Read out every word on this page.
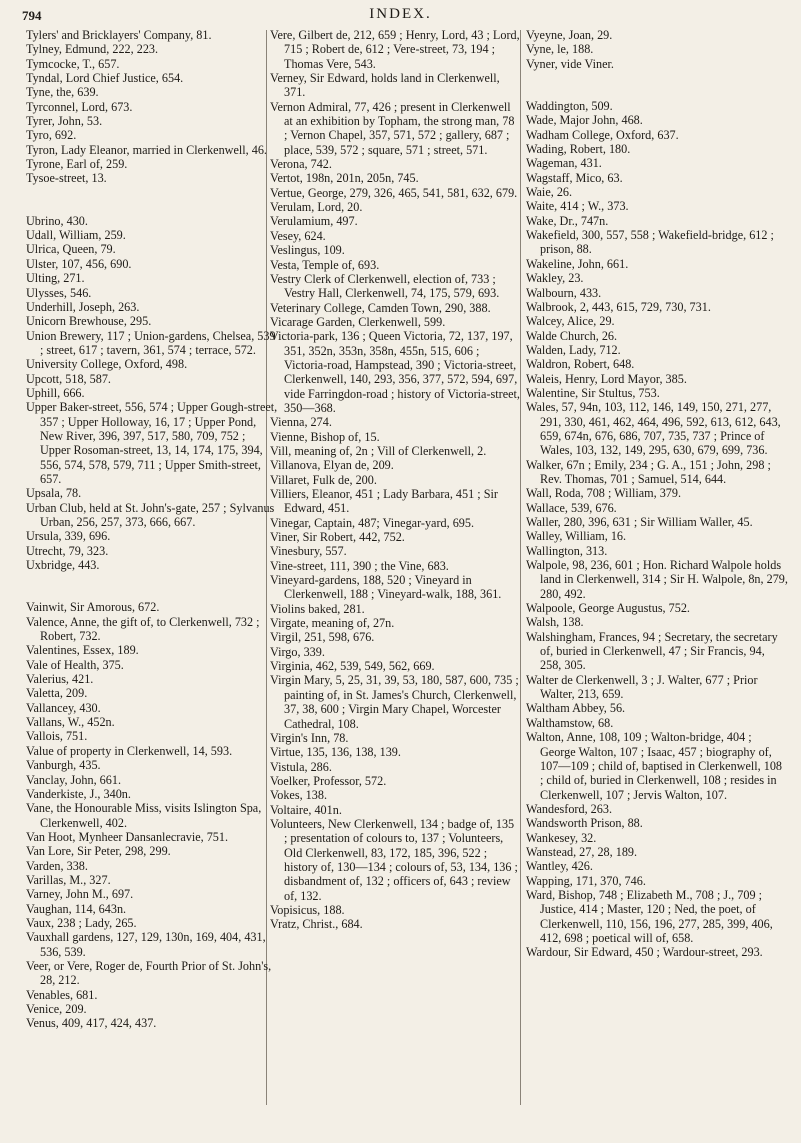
794	INDEX.
Tylers' and Bricklayers' Company, 81.
Tylney, Edmund, 222, 223.
Tymcocke, T., 657.
Tyndal, Lord Chief Justice, 654.
Tyne, the, 639.
Tyrconnel, Lord, 673.
Tyrer, John, 53.
Tyro, 692.
Tyron, Lady Eleanor, married in Clerkenwell, 46.
Tyrone, Earl of, 259.
Tysoe-street, 13.
Ubrino, 430.
Udall, William, 259.
Ulrica, Queen, 79.
Ulster, 107, 456, 690.
Ulting, 271.
Ulysses, 546.
Underhill, Joseph, 263.
Unicorn Brewhouse, 295.
Union Brewery, 117 ; Union-gardens, Chelsea, 539 ; street, 617 ; tavern, 361, 574 ; terrace, 572.
University College, Oxford, 498.
Upcott, 518, 587.
Uphill, 666.
Upper Baker-street, 556, 574 ; Upper Gough-street, 357 ; Upper Holloway, 16, 17 ; Upper Pond, New River, 396, 397, 517, 580, 709, 752 ; Upper Rosoman-street, 13, 14, 174, 175, 394, 556, 574, 578, 579, 711 ; Upper Smith-street, 657.
Upsala, 78.
Urban Club, held at St. John's-gate, 257 ; Sylvanus Urban, 256, 257, 373, 666, 667.
Ursula, 339, 696.
Utrecht, 79, 323.
Uxbridge, 443.
Vainwit, Sir Amorous, 672.
Valence, Anne, the gift of, to Clerkenwell, 732 ; Robert, 732.
Valentines, Essex, 189.
Vale of Health, 375.
Valerius, 421.
Valetta, 209.
Vallancey, 430.
Vallans, W., 452n.
Vallois, 751.
Value of property in Clerkenwell, 14, 593.
Vanburgh, 435.
Vanclay, John, 661.
Vanderkiste, J., 340n.
Vane, the Honourable Miss, visits Islington Spa, Clerkenwell, 402.
Van Hoot, Mynheer Dansanlecravie, 751.
Van Lore, Sir Peter, 298, 299.
Varden, 338.
Varillas, M., 327.
Varney, John M., 697.
Vaughan, 114, 643n.
Vaux, 238 ; Lady, 265.
Vauxhall gardens, 127, 129, 130n, 169, 404, 431, 536, 539.
Veer, or Vere, Roger de, Fourth Prior of St. John's, 28, 212.
Venables, 681.
Venice, 209.
Venus, 409, 417, 424, 437.
Vere, Gilbert de, 212, 659 ; Henry, Lord, 43 ; Lord, 715 ; Robert de, 612 ; Vere-street, 73, 194 ; Thomas Vere, 543.
Verney, Sir Edward, holds land in Clerkenwell, 371.
Vernon Admiral, 77, 426 ; present in Clerkenwell at an exhibition by Topham, the strong man, 78 ; Vernon Chapel, 357, 571, 572 ; gallery, 687 ; place, 539, 572 ; square, 571 ; street, 571.
Verona, 742.
Vertot, 198n, 201n, 205n, 745.
Vertue, George, 279, 326, 465, 541, 581, 632, 679.
Verulam, Lord, 20.
Verulamium, 497.
Vesey, 624.
Veslingus, 109.
Vesta, Temple of, 693.
Vestry Clerk of Clerkenwell, election of, 733 ; Vestry Hall, Clerkenwell, 74, 175, 579, 693.
Veterinary College, Camden Town, 290, 388.
Vicarage Garden, Clerkenwell, 599.
Victoria-park, 136 ; Queen Victoria, 72, 137, 197, 351, 352n, 353n, 358n, 455n, 515, 606 ; Victoria-road, Hampstead, 390 ; Victoria-street, Clerkenwell, 140, 293, 356, 377, 572, 594, 697, vide Farringdon-road ; history of Victoria-street, 350—368.
Vienna, 274.
Vienne, Bishop of, 15.
Vill, meaning of, 2n ; Vill of Clerkenwell, 2.
Villanova, Elyan de, 209.
Villaret, Fulk de, 200.
Villiers, Eleanor, 451 ; Lady Barbara, 451 ; Sir Edward, 451.
Vinegar, Captain, 487; Vinegar-yard, 695.
Viner, Sir Robert, 442, 752.
Vinesbury, 557.
Vine-street, 111, 390 ; the Vine, 683.
Vineyard-gardens, 188, 520 ; Vineyard in Clerkenwell, 188 ; Vineyard-walk, 188, 361.
Violins baked, 281.
Virgate, meaning of, 27n.
Virgil, 251, 598, 676.
Virgo, 339.
Virginia, 462, 539, 549, 562, 669.
Virgin Mary, 5, 25, 31, 39, 53, 180, 587, 600, 735 ; painting of, in St. James's Church, Clerkenwell, 37, 38, 600 ; Virgin Mary Chapel, Worcester Cathedral, 108.
Virgin's Inn, 78.
Virtue, 135, 136, 138, 139.
Vistula, 286.
Voelker, Professor, 572.
Vokes, 138.
Voltaire, 401n.
Volunteers, New Clerkenwell, 134 ; badge of, 135 ; presentation of colours to, 137 ; Volunteers, Old Clerkenwell, 83, 172, 185, 396, 522 ; history of, 130—134 ; colours of, 53, 134, 136 ; disbandment of, 132 ; officers of, 643 ; review of, 132.
Vopisicus, 188.
Vratz, Christ., 684.
Vyeyne, Joan, 29.
Vyne, le, 188.
Vyner, vide Viner.
Waddington, 509.
Wade, Major John, 468.
Wadham College, Oxford, 637.
Wading, Robert, 180.
Wageman, 431.
Wagstaff, Mico, 63.
Waie, 26.
Waite, 414 ; W., 373.
Wake, Dr., 747n.
Wakefield, 300, 557, 558 ; Wakefield-bridge, 612 ; prison, 88.
Wakeline, John, 661.
Wakley, 23.
Walbourn, 433.
Walbrook, 2, 443, 615, 729, 730, 731.
Walcey, Alice, 29.
Walde Church, 26.
Walden, Lady, 712.
Waldron, Robert, 648.
Waleis, Henry, Lord Mayor, 385.
Walentine, Sir Stultus, 753.
Wales, 57, 94n, 103, 112, 146, 149, 150, 271, 277, 291, 330, 461, 462, 464, 496, 592, 613, 612, 643, 659, 674n, 676, 686, 707, 735, 737 ; Prince of Wales, 103, 132, 149, 295, 630, 679, 699, 736.
Walker, 67n ; Emily, 234 ; G. A., 151 ; John, 298 ; Rev. Thomas, 701 ; Samuel, 514, 644.
Wall, Roda, 708 ; William, 379.
Wallace, 539, 676.
Waller, 280, 396, 631 ; Sir William Waller, 45.
Walley, William, 16.
Wallington, 313.
Walpole, 98, 236, 601 ; Hon. Richard Walpole holds land in Clerkenwell, 314 ; Sir H. Walpole, 8n, 279, 280, 492.
Walpoole, George Augustus, 752.
Walsh, 138.
Walshingham, Frances, 94 ; Secretary, the secretary of, buried in Clerkenwell, 47 ; Sir Francis, 94, 258, 305.
Walter de Clerkenwell, 3 ; J. Walter, 677 ; Prior Walter, 213, 659.
Waltham Abbey, 56.
Walthamstow, 68.
Walton, Anne, 108, 109 ; Walton-bridge, 404 ; George Walton, 107 ; Isaac, 457 ; biography of, 107—109 ; child of, baptised in Clerkenwell, 108 ; child of, buried in Clerkenwell, 108 ; resides in Clerkenwell, 107 ; Jervis Walton, 107.
Wandesford, 263.
Wandsworth Prison, 88.
Wankesey, 32.
Wanstead, 27, 28, 189.
Wantley, 426.
Wapping, 171, 370, 746.
Ward, Bishop, 748 ; Elizabeth M., 708 ; J., 709 ; Justice, 414 ; Master, 120 ; Ned, the poet, of Clerkenwell, 110, 156, 196, 277, 285, 399, 406, 412, 698 ; poetical will of, 658.
Wardour, Sir Edward, 450 ; Wardour-street, 293.
